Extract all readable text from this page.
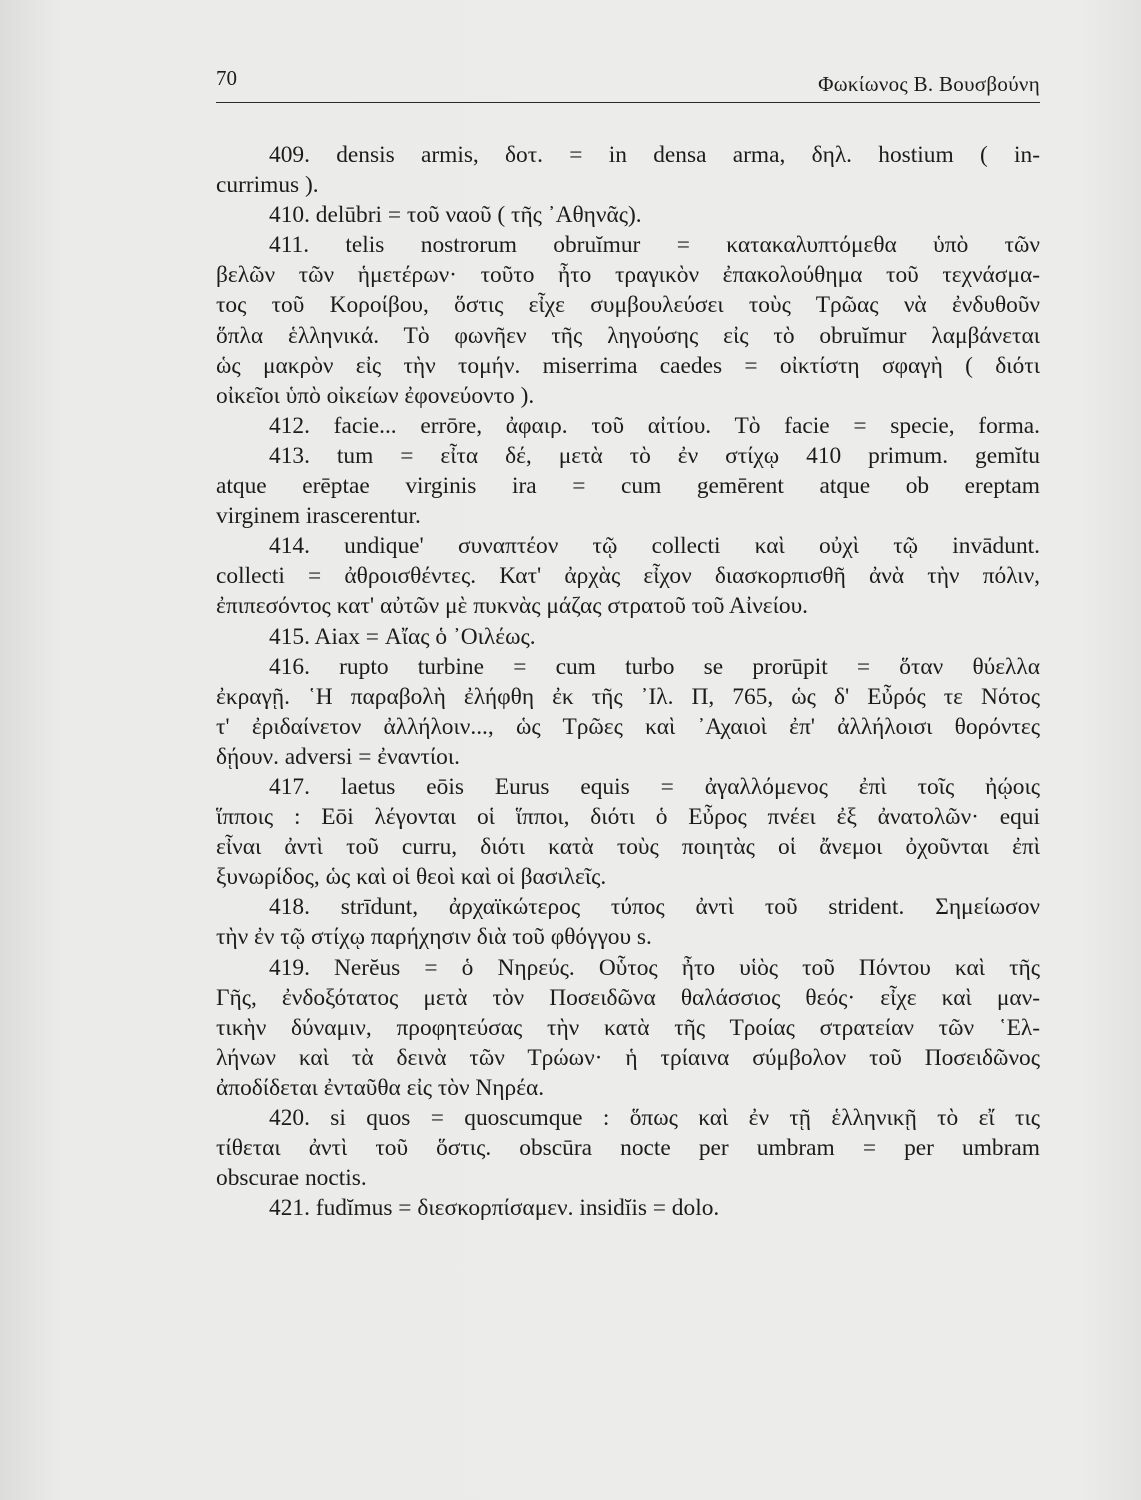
70	Φωκίωνος Β. Βουσβούνη
409. densis armis, δοτ. = in densa arma, δηλ. hostium ( in-
currimus ).
410. delūbri = τοῦ ναοῦ ( τῆς ᾿Αθηνᾶς).
411. telis nostrorum obruĭmur = κατακαλυπτόμεθα ὑπὸ τῶν
βελῶν τῶν ἡμετέρων· τοῦτο ἦτο τραγικὸν ἐπακολούθημα τοῦ τεχνάσμα-
τος τοῦ Κοροίβου, ὅστις εἶχε συμβουλεύσει τοὺς Τρῶας νὰ ἐνδυθοῦν
ὅπλα ἑλληνικά. Τὸ φωνῆεν τῆς ληγούσης εἰς τὸ obruĭmur λαμβάνεται
ὡς μακρὸν εἰς τὴν τομήν. miserrima caedes = οἰκτίστη σφαγὴ ( διότι
οἰκεῖοι ὑπὸ οἰκείων ἐφονεύοντο ).
412. facie... errōre, ἀφαιρ. τοῦ αἰτίου. Τὸ facie = specie, forma.
413. tum = εἶτα δέ, μετὰ τὸ ἐν στίχῳ 410 primum. gemĭtu
atque erēptae virginis ira = cum gemērent atque ob ereptam
virginem irascerentur.
414. undique' συναπτέον τῷ collecti καὶ οὐχὶ τῷ invādunt.
collecti = ἀθροισθέντες. Κατ' ἀρχὰς εἶχον διασκορπισθῆ ἀνὰ τὴν πόλιν,
ἐπιπεσόντος κατ' αὐτῶν μὲ πυκνὰς μάζας στρατοῦ τοῦ Αἰνείου.
415. Aiax = Αἴας ὁ ᾿Οιλέως.
416. rupto turbine = cum turbo se prorūpit = ὅταν θύελλα
ἐκραγῇ. ῾Η παραβολὴ ἐλήφθη ἐκ τῆς ᾿Ιλ. Π, 765, ὡς δ' Εὖρός τε Νότος
τ' ἐριδαίνετον ἀλλήλοιν..., ὡς Τρῶες καὶ ᾿Αχαιοὶ ἐπ' ἀλλήλοισι θορόντες
δῄουν. adversi = ἐναντίοι.
417. laetus eōis Eurus equis = ἀγαλλόμενος ἐπὶ τοῖς ἠῴοις
ἵπποις : Eōi λέγονται οἱ ἵπποι, διότι ὁ Εὖρος πνέει ἐξ ἀνατολῶν· equi
εἶναι ἀντὶ τοῦ curru, διότι κατὰ τοὺς ποιητὰς οἱ ἄνεμοι ὀχοῦνται ἐπὶ
ξυνωρίδος, ὡς καὶ οἱ θεοὶ καὶ οἱ βασιλεῖς.
418. strīdunt, ἀρχαϊκώτερος τύπος ἀντὶ τοῦ strident. Σημείωσον
τὴν ἐν τῷ στίχῳ παρήχησιν διὰ τοῦ φθόγγου s.
419. Nerĕus = ὁ Νηρεύς. Οὗτος ἦτο υἱὸς τοῦ Πόντου καὶ τῆς
Γῆς, ἐνδοξότατος μετὰ τὸν Ποσειδῶνα θαλάσσιος θεός· εἶχε καὶ μαν-
τικὴν δύναμιν, προφητεύσας τὴν κατὰ τῆς Τροίας στρατείαν τῶν ῾Ελ-
λήνων καὶ τὰ δεινὰ τῶν Τρώων· ἡ τρίαινα σύμβολον τοῦ Ποσειδῶνος
ἀποδίδεται ἐνταῦθα εἰς τὸν Νηρέα.
420. si quos = quoscumque : ὅπως καὶ ἐν τῇ ἑλληνικῇ τὸ εἴ τις
τίθεται ἀντὶ τοῦ ὅστις. obscūra nocte per umbram = per umbram
obscurae noctis.
421. fudĭmus = διεσκορπίσαμεν. insidĭis = dolo.
